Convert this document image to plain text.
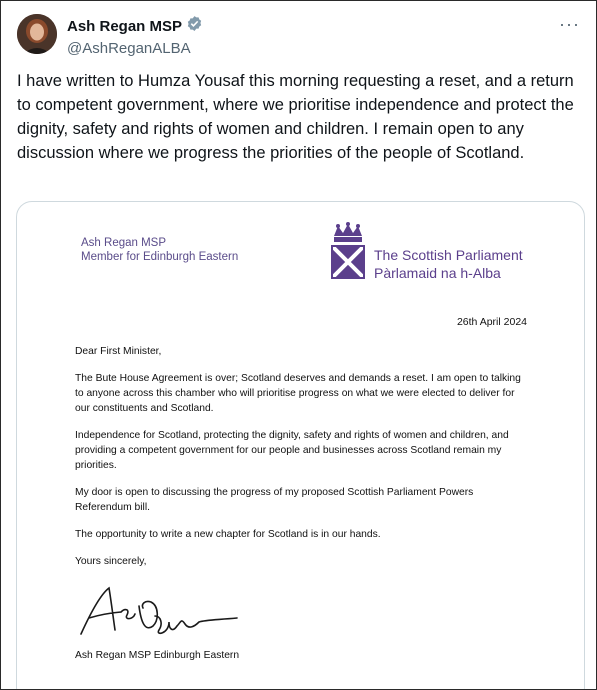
Ash Regan MSP
@AshReganALBA
···

I have written to Humza Yousaf this morning requesting a reset, and a return to competent government, where we prioritise independence and protect the dignity, safety and rights of women and children. I remain open to any discussion where we progress the priorities of the people of Scotland.

Ash Regan MSP
Member for Edinburgh Eastern	The Scottish Parliament
Pàrlamaid na h-Alba
26th April 2024

Dear First Minister,

The Bute House Agreement is over; Scotland deserves and demands a reset. I am open to talking to anyone across this chamber who will prioritise progress on what we were elected to deliver for our constituents and Scotland.

Independence for Scotland, protecting the dignity, safety and rights of women and children, and providing a competent government for our people and businesses across Scotland remain my priorities.

My door is open to discussing the progress of my proposed Scottish Parliament Powers Referendum bill.

The opportunity to write a new chapter for Scotland is in our hands.

Yours sincerely,

Ash Regan MSP Edinburgh Eastern
